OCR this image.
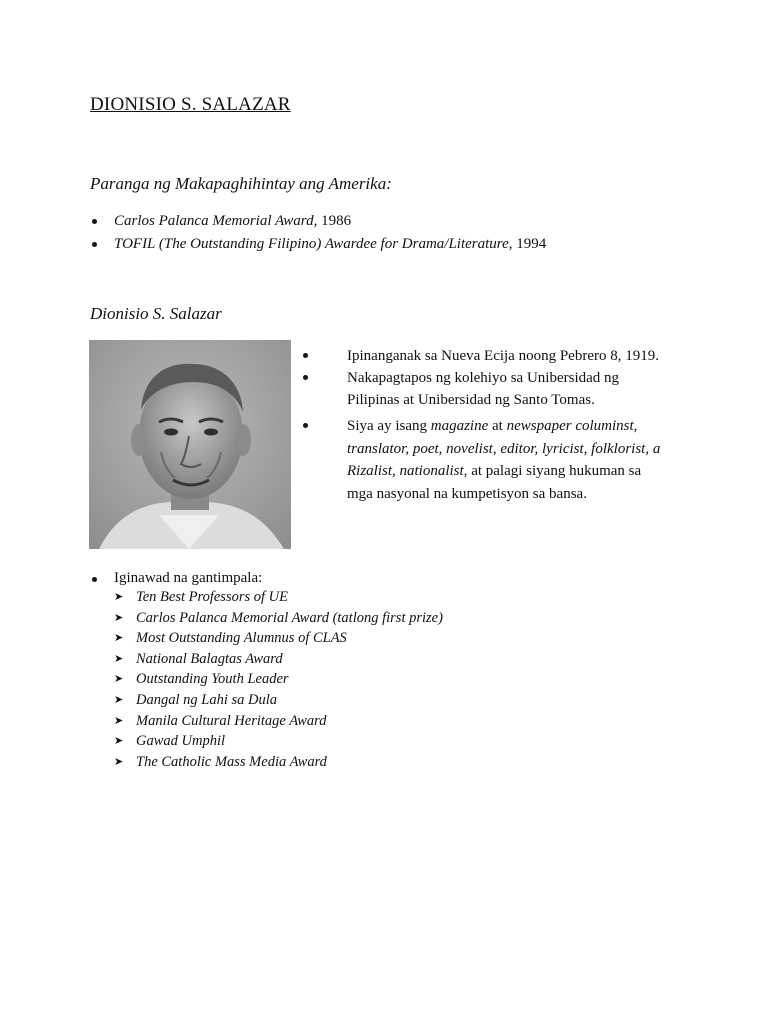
DIONISIO S. SALAZAR
Paranga ng Makapaghihintay ang Amerika:
Carlos Palanca Memorial Award, 1986
TOFIL (The Outstanding Filipino) Awardee for Drama/Literature, 1994
Dionisio S. Salazar
Ipinanganak sa Nueva Ecija noong Pebrero 8, 1919.
Nakapagtapos ng kolehiyo sa Unibersidad ng Pilipinas at Unibersidad ng Santo Tomas.
Siya ay isang magazine at newspaper columinst, translator, poet, novelist, editor, lyricist, folklorist, a Rizalist, nationalist, at palagi siyang hukuman sa mga nasyonal na kumpetisyon sa bansa.
Iginawad na gantimpala:
➤ Ten Best Professors of UE
➤ Carlos Palanca Memorial Award (tatlong first prize)
➤ Most Outstanding Alumnus of CLAS
➤ National Balagtas Award
➤ Outstanding Youth Leader
➤ Dangal ng Lahi sa Dula
➤ Manila Cultural Heritage Award
➤ Gawad Umphil
➤ The Catholic Mass Media Award
